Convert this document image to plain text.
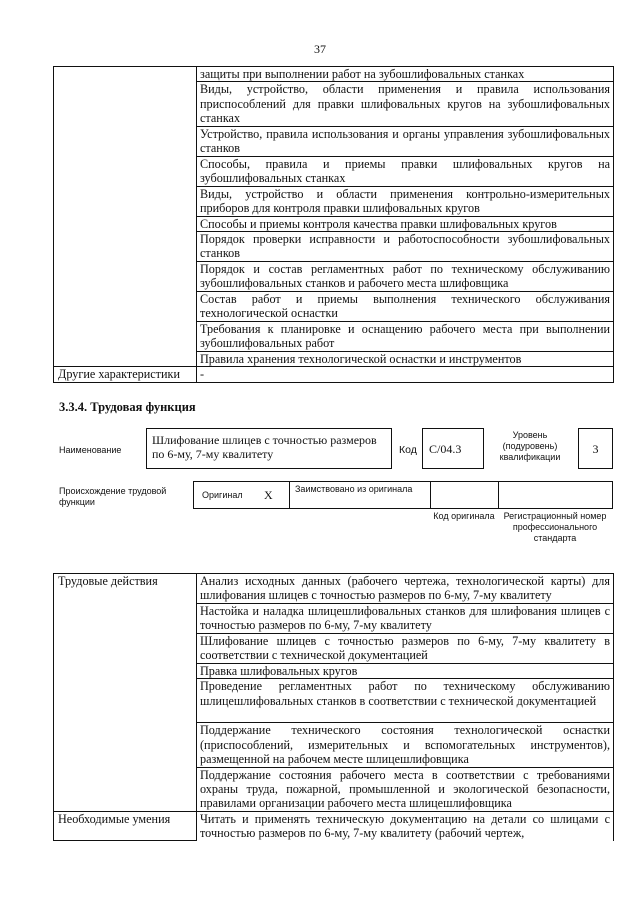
37
	защиты при выполнении работ на зубошлифовальных станках
	Виды, устройство, области применения и правила использования приспособлений для правки шлифовальных кругов на зубошлифовальных станках
	Устройство, правила использования и органы управления зубошлифовальных станков
	Способы, правила и приемы правки шлифовальных кругов на зубошлифовальных станках
	Виды, устройство и области применения контрольно-измерительных приборов для контроля правки шлифовальных кругов
	Способы и приемы контроля качества правки шлифовальных кругов
	Порядок проверки исправности и работоспособности зубошлифовальных станков
	Порядок и состав регламентных работ по техническому обслуживанию зубошлифовальных станков и рабочего места шлифовщика
	Состав работ и приемы выполнения технического обслуживания технологической оснастки
	Требования к планировке и оснащению рабочего места при выполнении зубошлифовальных работ
	Правила хранения технологической оснастки и инструментов
Другие характеристики	-
3.3.4. Трудовая функция
Наименование
Шлифование шлицев с точностью размеров по 6-му, 7-му квалитету	Код	C/04.3
Уровень (подуровень) квалификации
3
Происхождение трудовой функции
Оригинал X Заимствовано из оригинала
Код оригинала Регистрационный номер профессионального стандарта
Трудовые действия	Анализ исходных данных (рабочего чертежа, технологической карты) для шлифования шлицев с точностью размеров по 6-му, 7-му квалитету
	Настойка и наладка шлицешлифовальных станков для шлифования шлицев с точностью размеров по 6-му, 7-му квалитету
	Шлифование шлицев с точностью размеров по 6-му, 7-му квалитету в соответствии с технической документацией
	Правка шлифовальных кругов
	Проведение регламентных работ по техническому обслуживанию шлицешлифовальных станков в соответствии с технической документацией
	Поддержание технического состояния технологической оснастки (приспособлений, измерительных и вспомогательных инструментов), размещенной на рабочем месте шлицешлифовщика
	Поддержание состояния рабочего места в соответствии с требованиями охраны труда, пожарной, промышленной и экологической безопасности, правилами организации рабочего места шлицешлифовщика
Необходимые умения	Читать и применять техническую документацию на детали со шлицами с точностью размеров по 6-му, 7-му квалитету (рабочий чертеж,
